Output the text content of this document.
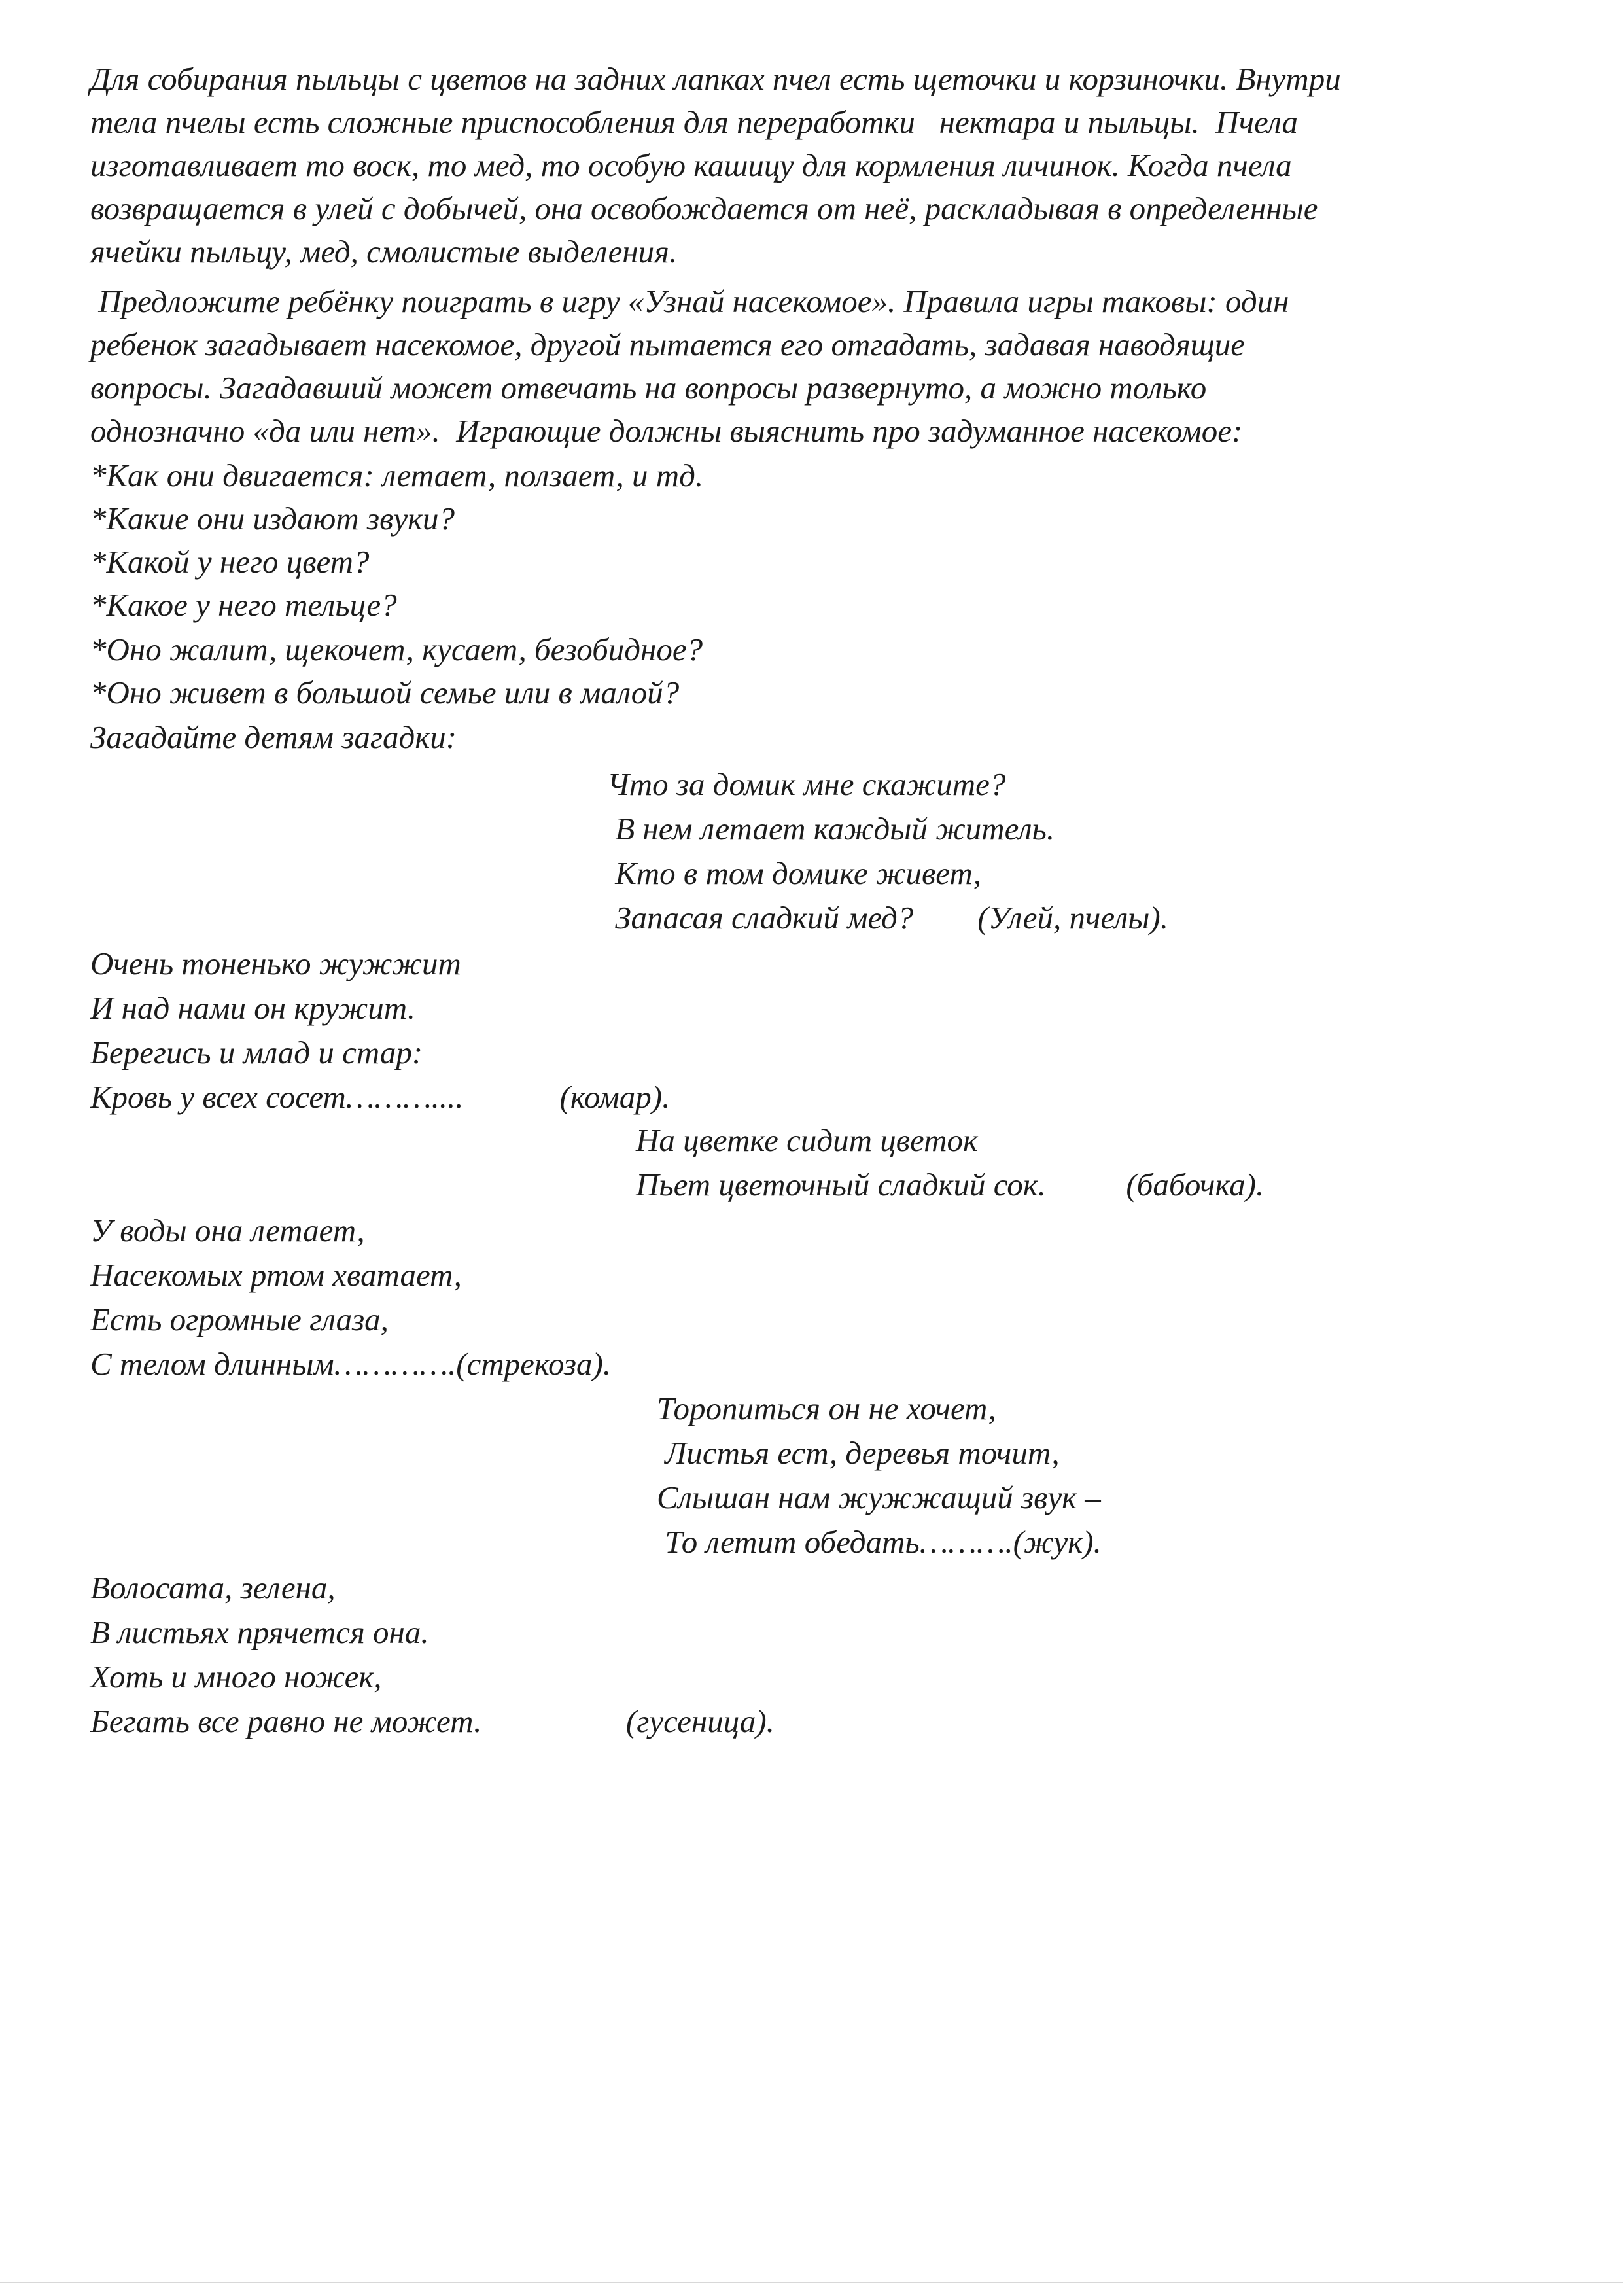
Для собирания пыльцы с цветов на задних лапках пчел есть щеточки и корзиночки. Внутри
тела пчелы есть сложные приспособления для переработки   нектара и пыльцы.  Пчела
изготавливает то воск, то мед, то особую кашицу для кормления личинок. Когда пчела
возвращается в улей с добычей, она освобождается от неё, раскладывая в определенные
ячейки пыльцу, мед, смолистые выделения.
Предложите ребёнку поиграть в игру «Узнай насекомое». Правила игры таковы: один
ребенок загадывает насекомое, другой пытается его отгадать, задавая наводящие
вопросы. Загадавший может отвечать на вопросы развернуто, а можно только
однозначно «да или нет».  Играющие должны выяснить про задуманное насекомое:
*Как они двигается: летает, ползает, и тд.
*Какие они издают звуки?
*Какой у него цвет?
*Какое у него тельце?
*Оно жалит, щекочет, кусает, безобидное?
*Оно живет в большой семье или в малой?
Загадайте детям загадки:
Что за домик мне скажите?
В нем летает каждый житель.
Кто в том домике живет,
Запасая сладкий мед?        (Улей, пчелы).
Очень тоненько жужжит
И над нами он кружит.
Берегись и млад и стар:
Кровь у всех сосет………....            (комар).
На цветке сидит цветок
Пьет цветочный сладкий сок.          (бабочка).
У воды она летает,
Насекомых ртом хватает,
Есть огромные глаза,
С телом длинным………….(стрекоза).
Торопиться он не хочет,
Листья ест, деревья точит,
Слышан нам жужжащий звук –
То летит обедать……….(жук).
Волосата, зелена,
В листьях прячется она.
Хоть и много ножек,
Бегать все равно не может.                  (гусеница).
